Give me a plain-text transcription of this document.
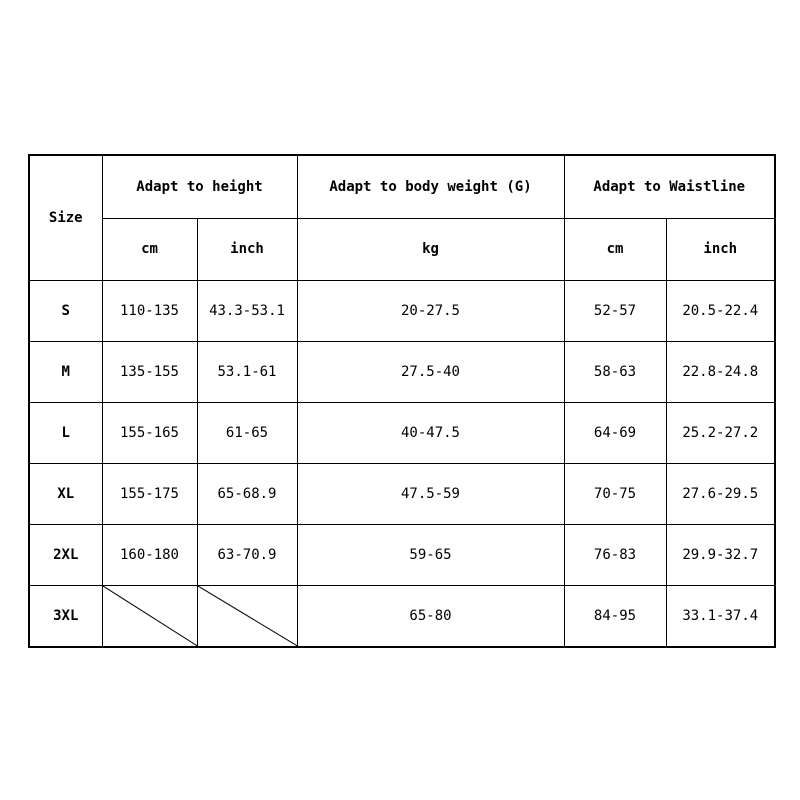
Size	Adapt to height		Adapt to body weight (G)	Adapt to Waistline	
	cm	inch	kg	cm	inch
S	110-135	43.3-53.1	20-27.5	52-57	20.5-22.4
M	135-155	53.1-61	27.5-40	58-63	22.8-24.8
L	155-165	61-65	40-47.5	64-69	25.2-27.2
XL	155-175	65-68.9	47.5-59	70-75	27.6-29.5
2XL	160-180	63-70.9	59-65	76-83	29.9-32.7
3XL			65-80	84-95	33.1-37.4
